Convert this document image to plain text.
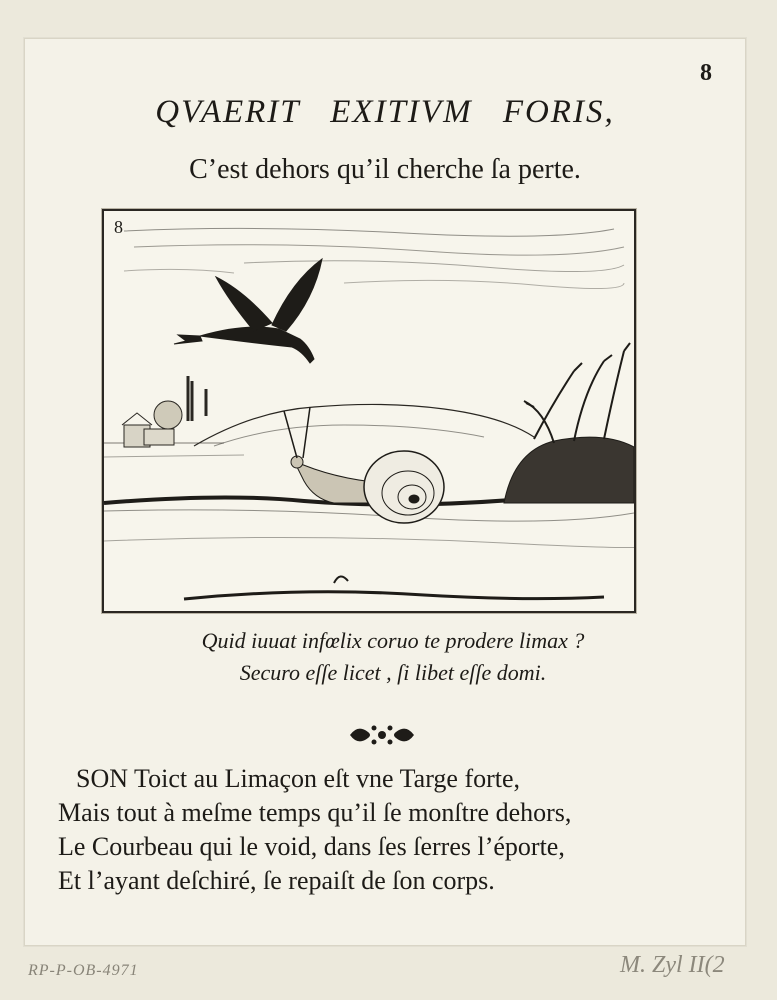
8
QVAERIT EXITIVM FORIS,
C’est dehors qu’il cherche ſa perte.
8
Quid iuuat infœlix coruo te prodere limax ?
Securo eſſe licet , ſi libet eſſe domi.
SON Toict au Limaçon eſt vne Targe forte,
Mais tout à meſme temps qu’il ſe monſtre dehors,
Le Courbeau qui le void, dans ſes ſerres l’éporte,
Et l’ayant deſchiré, ſe repaiſt de ſon corps.
RP-P-OB-4971	M. Zyl II(2
